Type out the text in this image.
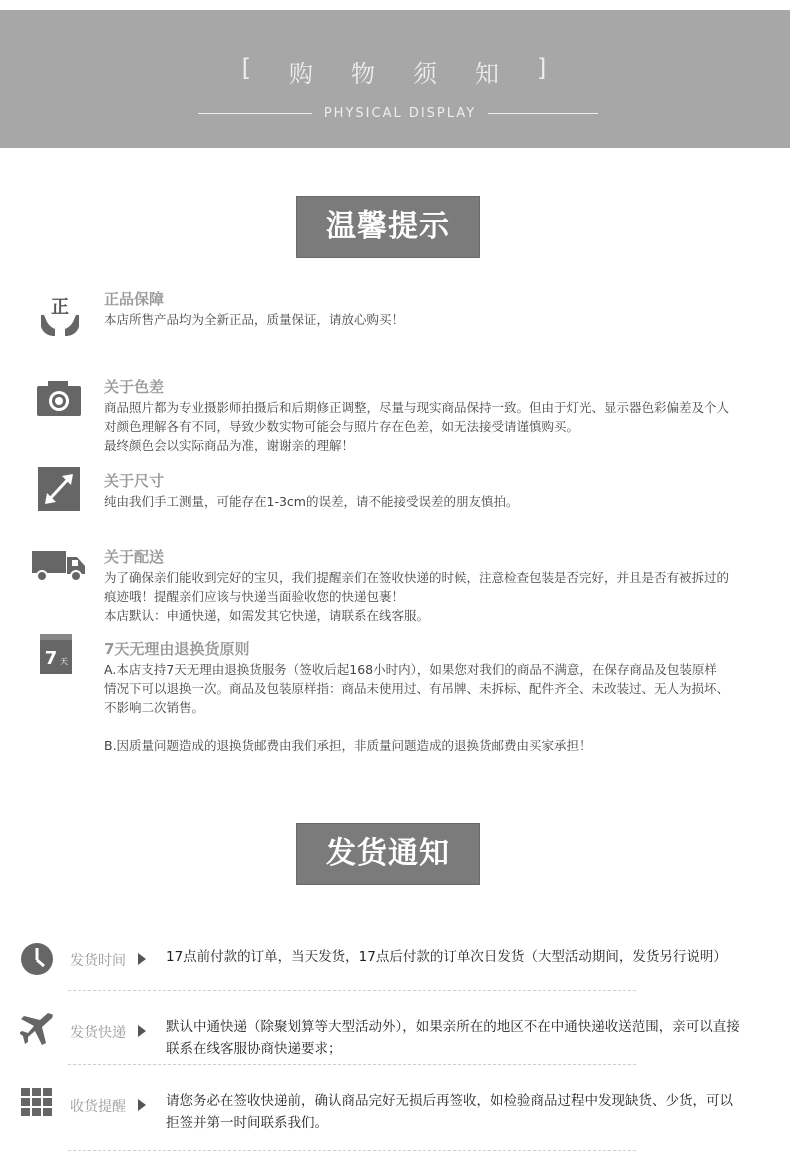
[ 购 物 须 知 ]
PHYSICAL DISPLAY
温馨提示
正 正品保障

本店所售产品均为全新正品，质量保证，请放心购买！

关于色差

商品照片都为专业摄影师拍摄后和后期修正调整，尽量与现实商品保持一致。但由于灯光、显示器色彩偏差及个人

对颜色理解各有不同，导致少数实物可能会与照片存在色差，如无法接受请谨慎购买。

最终颜色会以实际商品为准，谢谢亲的理解！

关于尺寸

纯由我们手工测量，可能存在1-3cm的误差，请不能接受误差的朋友慎拍。

关于配送

为了确保亲们能收到完好的宝贝，我们提醒亲们在签收快递的时候，注意检查包装是否完好，并且是否有被拆过的

痕迹哦！提醒亲们应该与快递当面验收您的快递包裹！

本店默认：申通快递，如需发其它快递，请联系在线客服。

7 天
7天无理由退换货原则

A.本店支持7天无理由退换货服务（签收后起168小时内），如果您对我们的商品不满意，在保存商品及包装原样

情况下可以退换一次。商品及包装原样指：商品未使用过、有吊牌、未拆标、配件齐全、未改装过、无人为损坏、

不影响二次销售。

B.因质量问题造成的退换货邮费由我们承担，非质量问题造成的退换货邮费由买家承担！

发货通知
发货时间	17点前付款的订单，当天发货，17点后付款的订单次日发货（大型活动期间，发货另行说明）
发货快递	默认中通快递（除聚划算等大型活动外），如果亲所在的地区不在中通快递收送范围，亲可以直接
联系在线客服协商快递要求；
收货提醒	请您务必在签收快递前，确认商品完好无损后再签收，如检验商品过程中发现缺货、少货，可以
拒签并第一时间联系我们。
